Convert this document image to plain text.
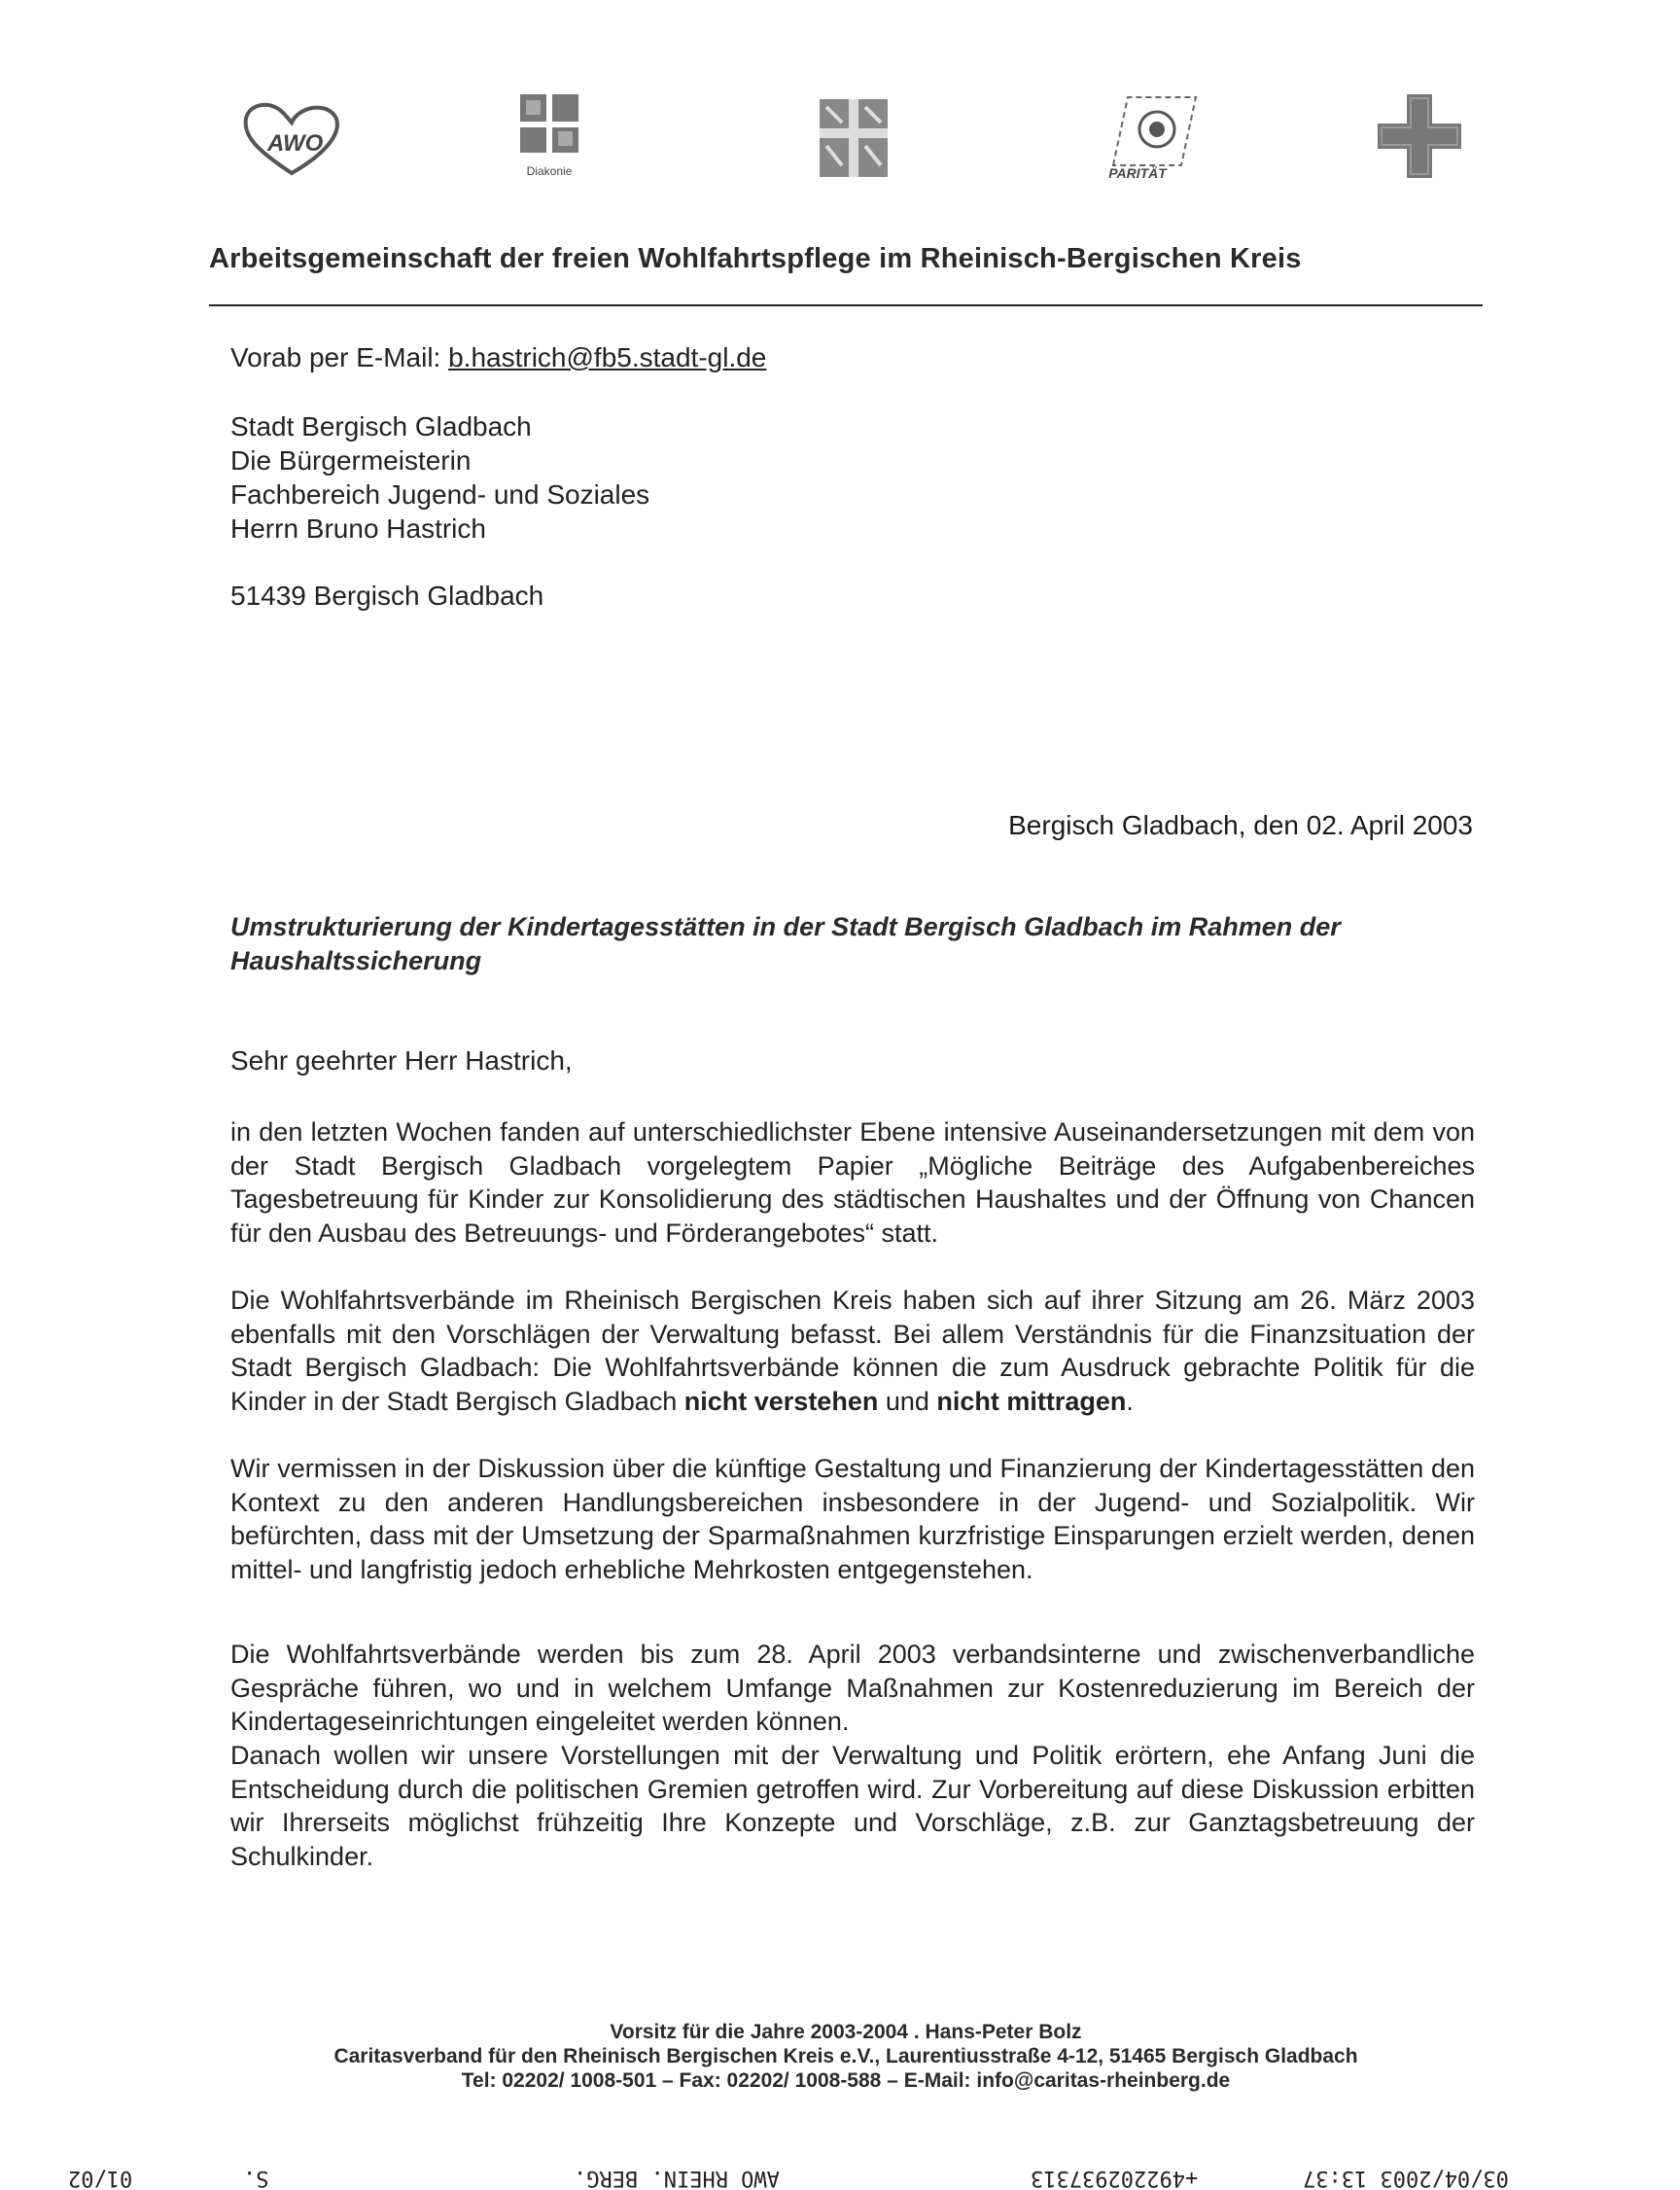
AWO
Diakonie	PARITÄT
Arbeitsgemeinschaft der freien Wohlfahrtspflege im Rheinisch-Bergischen Kreis
Vorab per E-Mail: b.hastrich@fb5.stadt-gl.de
Stadt Bergisch Gladbach
Die Bürgermeisterin
Fachbereich Jugend- und Soziales
Herrn Bruno Hastrich
51439 Bergisch Gladbach
Bergisch Gladbach, den 02. April 2003
Umstrukturierung der Kindertagesstätten in der Stadt Bergisch Gladbach im Rahmen der Haushaltssicherung
Sehr geehrter Herr Hastrich,
in den letzten Wochen fanden auf unterschiedlichster Ebene intensive Auseinandersetzungen mit dem von der Stadt Bergisch Gladbach vorgelegtem Papier „Mögliche Beiträge des Aufgabenbereiches Tagesbetreuung für Kinder zur Konsolidierung des städtischen Haushaltes und der Öffnung von Chancen für den Ausbau des Betreuungs- und Förderangebotes“ statt.
Die Wohlfahrtsverbände im Rheinisch Bergischen Kreis haben sich auf ihrer Sitzung am 26. März 2003 ebenfalls mit den Vorschlägen der Verwaltung befasst. Bei allem Verständnis für die Finanzsituation der Stadt Bergisch Gladbach: Die Wohlfahrtsverbände können die zum Ausdruck gebrachte Politik für die Kinder in der Stadt Bergisch Gladbach nicht verstehen und nicht mittragen.
Wir vermissen in der Diskussion über die künftige Gestaltung und Finanzierung der Kindertagesstätten den Kontext zu den anderen Handlungsbereichen insbesondere in der Jugend- und Sozialpolitik. Wir befürchten, dass mit der Umsetzung der Sparmaßnahmen kurzfristige Einsparungen erzielt werden, denen mittel- und langfristig jedoch erhebliche Mehrkosten entgegenstehen.
Die Wohlfahrtsverbände werden bis zum 28. April 2003 verbandsinterne und zwischenverbandliche Gespräche führen, wo und in welchem Umfange Maßnahmen zur Kostenreduzierung im Bereich der Kindertageseinrichtungen eingeleitet werden können.
Danach wollen wir unsere Vorstellungen mit der Verwaltung und Politik erörtern, ehe Anfang Juni die Entscheidung durch die politischen Gremien getroffen wird. Zur Vorbereitung auf diese Diskussion erbitten wir Ihrerseits möglichst frühzeitig Ihre Konzepte und Vorschläge, z.B. zur Ganztagsbetreuung der Schulkinder.
Vorsitz für die Jahre 2003-2004 . Hans-Peter Bolz
Caritasverband für den Rheinisch Bergischen Kreis e.V., Laurentiusstraße 4-12, 51465 Bergisch Gladbach
Tel: 02202/ 1008-501 – Fax: 02202/ 1008-588 – E-Mail: info@caritas-rheinberg.de
01/02	S.	AWO RHEIN. BERG.	+492202937313	03/04/2003 13:37
